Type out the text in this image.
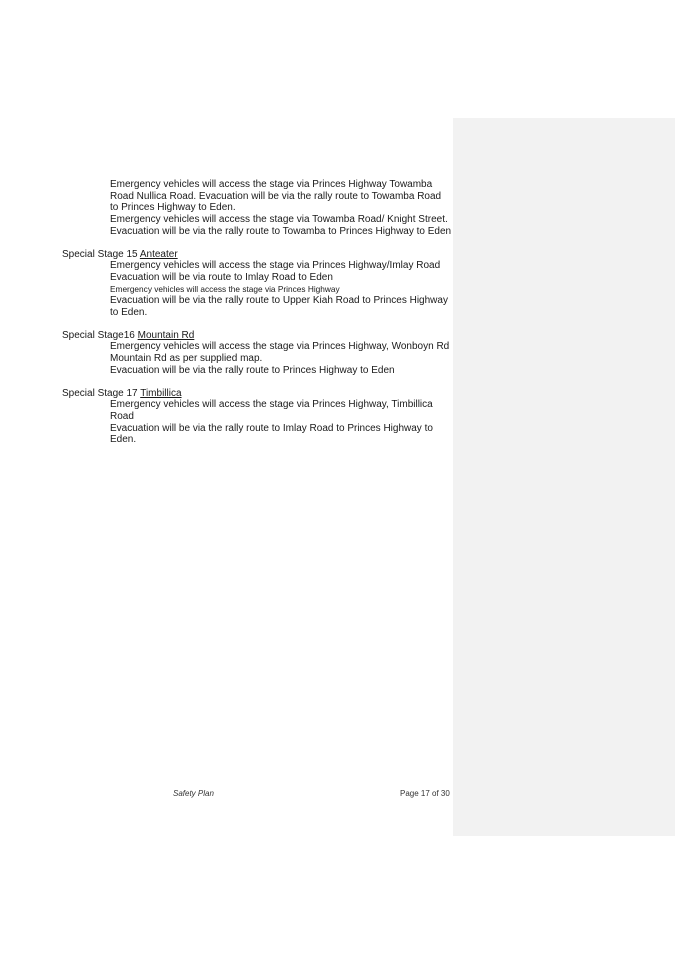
Emergency vehicles will access the stage via Princes Highway Towamba Road Nullica Road. Evacuation will be via the rally route to Towamba Road to Princes Highway to Eden.

Emergency vehicles will access the stage via Towamba Road/ Knight Street.

Evacuation will be via the rally route to Towamba to Princes Highway to Eden

Special Stage 15 Anteater

Emergency vehicles will access the stage via Princes Highway/Imlay Road

Evacuation will be via route to Imlay Road to Eden

Emergency vehicles will access the stage via Princes Highway

Evacuation will be via the rally route to Upper Kiah Road to Princes Highway to Eden.

Special Stage16 Mountain Rd

Emergency vehicles will access the stage via Princes Highway, Wonboyn Rd Mountain Rd as per supplied map.

Evacuation will be via the rally route to Princes Highway to Eden

Special Stage 17 Timbillica

Emergency vehicles will access the stage via Princes Highway, Timbillica Road

Evacuation will be via the rally route to Imlay Road to Princes Highway to Eden.

Safety Plan	Page 17 of 30
